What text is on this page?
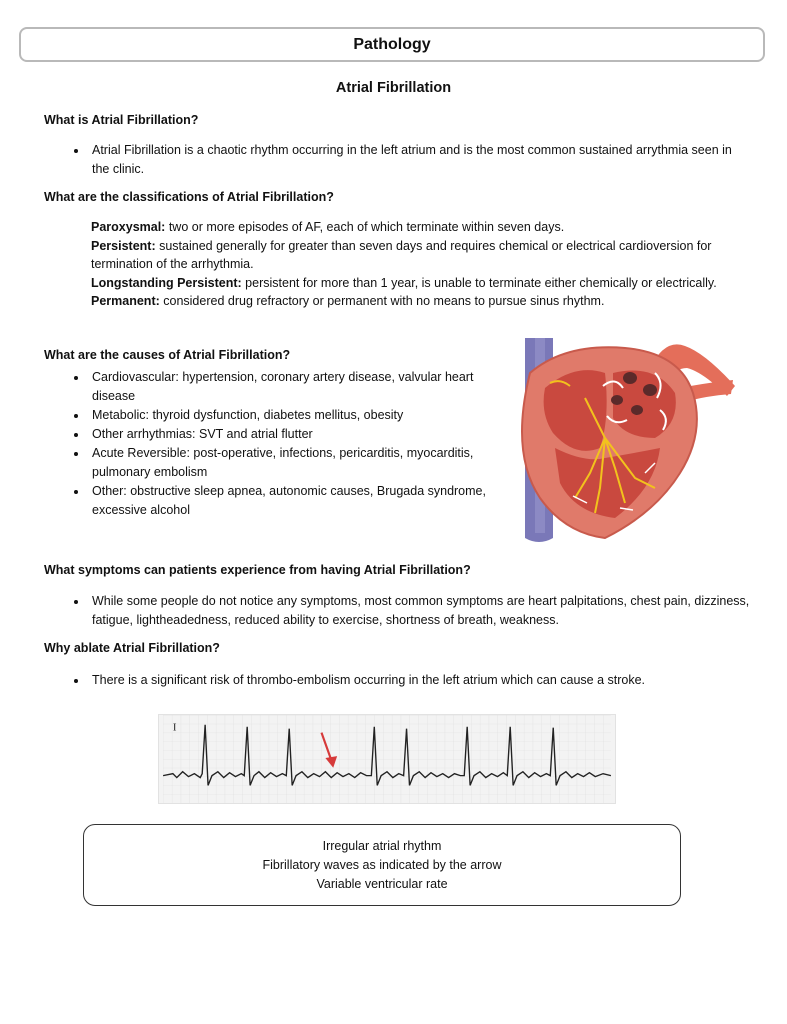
Pathology
Atrial Fibrillation
What is Atrial Fibrillation?
• Atrial Fibrillation is a chaotic rhythm occurring in the left atrium and is the most common sustained arrythmia seen in the clinic.
What are the classifications of Atrial Fibrillation?

Paroxysmal: two or more episodes of AF, each of which terminate within seven days.

Persistent: sustained generally for greater than seven days and requires chemical or electrical cardioversion for termination of the arrhythmia.

Longstanding Persistent: persistent for more than 1 year, is unable to terminate either chemically or electrically.

Permanent: considered drug refractory or permanent with no means to pursue sinus rhythm.

What are the causes of Atrial Fibrillation?
• Cardiovascular: hypertension, coronary artery disease, valvular heart disease
• Metabolic: thyroid dysfunction, diabetes mellitus, obesity
• Other arrhythmias: SVT and atrial flutter
• Acute Reversible: post-operative, infections, pericarditis, myocarditis, pulmonary embolism
• Other: obstructive sleep apnea, autonomic causes, Brugada syndrome, excessive alcohol
What symptoms can patients experience from having Atrial Fibrillation?
• While some people do not notice any symptoms, most common symptoms are heart palpitations, chest pain, dizziness, fatigue, lightheadedness, reduced ability to exercise, shortness of breath, weakness.
Why ablate Atrial Fibrillation?
• There is a significant risk of thrombo-embolism occurring in the left atrium which can cause a stroke.
I
Irregular atrial rhythm
Fibrillatory waves as indicated by the arrow
Variable ventricular rate
